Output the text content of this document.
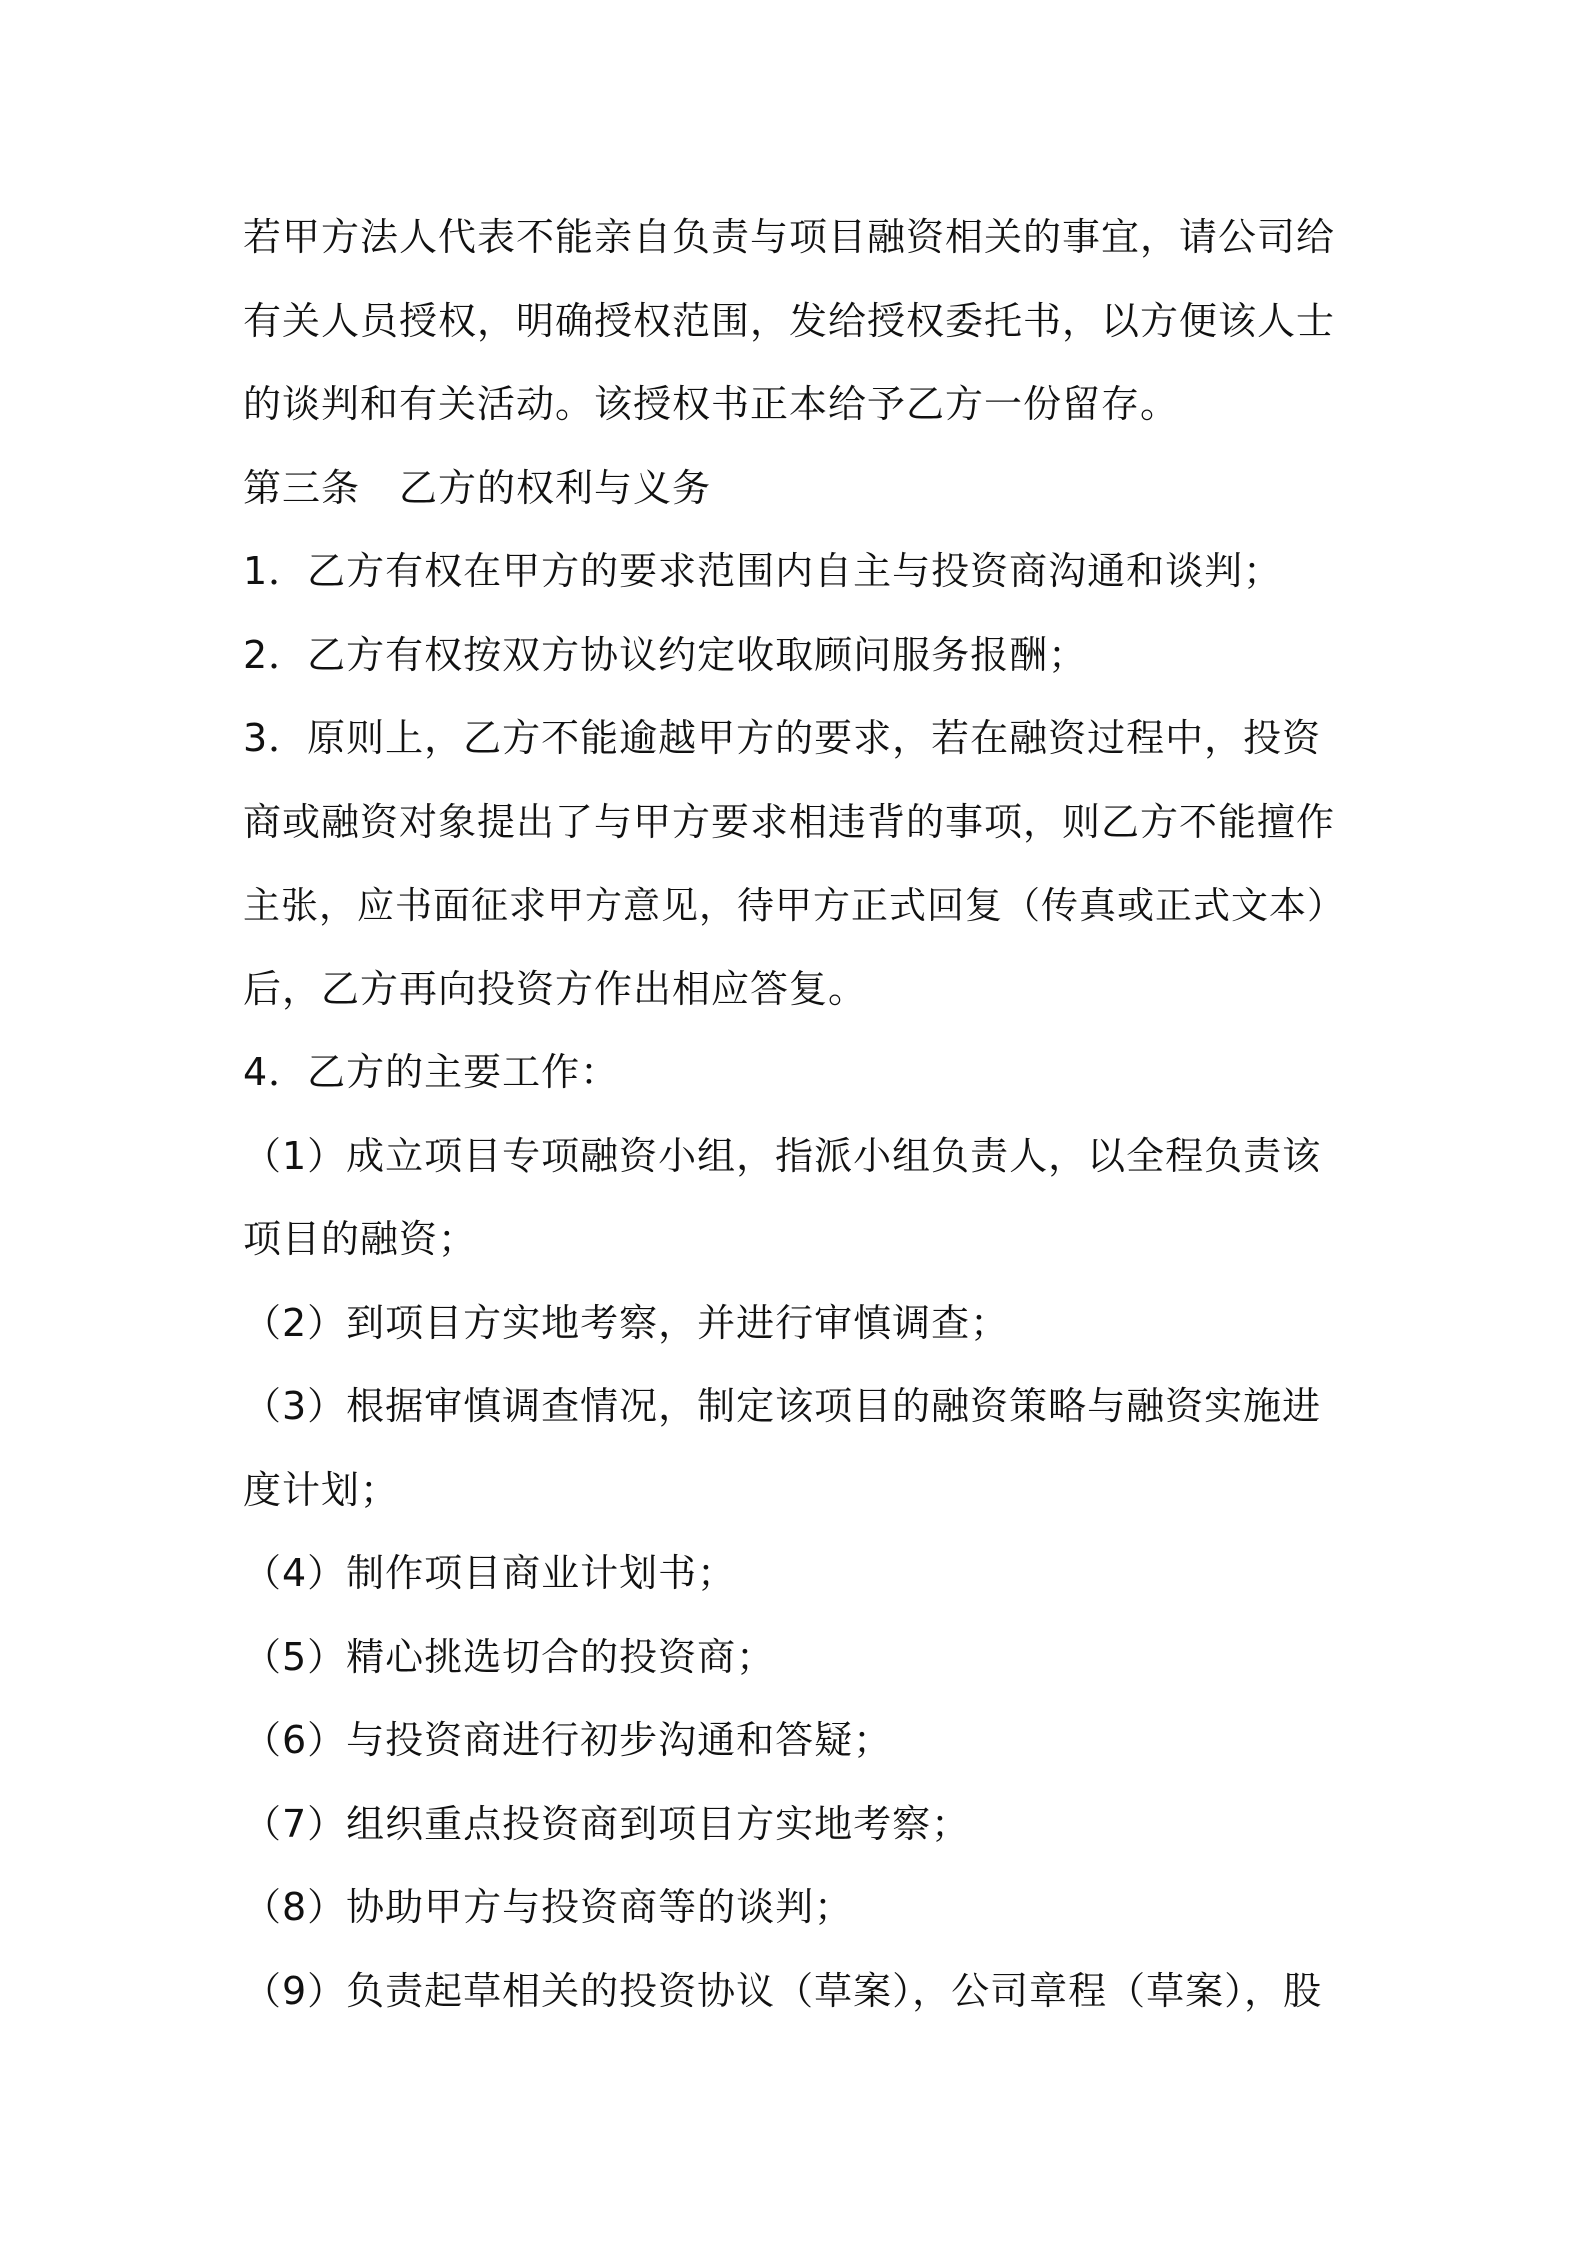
若甲方法人代表不能亲自负责与项目融资相关的事宜，请公司给
有关人员授权，明确授权范围，发给授权委托书，以方便该人士
的谈判和有关活动。该授权书正本给予乙方一份留存。
第三条　乙方的权利与义务
1．乙方有权在甲方的要求范围内自主与投资商沟通和谈判；
2．乙方有权按双方协议约定收取顾问服务报酬；
3．原则上，乙方不能逾越甲方的要求，若在融资过程中，投资
商或融资对象提出了与甲方要求相违背的事项，则乙方不能擅作
主张，应书面征求甲方意见，待甲方正式回复（传真或正式文本）
后，乙方再向投资方作出相应答复。
4．乙方的主要工作：
（1）成立项目专项融资小组，指派小组负责人，以全程负责该
项目的融资；
（2）到项目方实地考察，并进行审慎调查；
（3）根据审慎调查情况，制定该项目的融资策略与融资实施进
度计划；
（4）制作项目商业计划书；
（5）精心挑选切合的投资商；
（6）与投资商进行初步沟通和答疑；
（7）组织重点投资商到项目方实地考察；
（8）协助甲方与投资商等的谈判；
（9）负责起草相关的投资协议（草案），公司章程（草案），股
